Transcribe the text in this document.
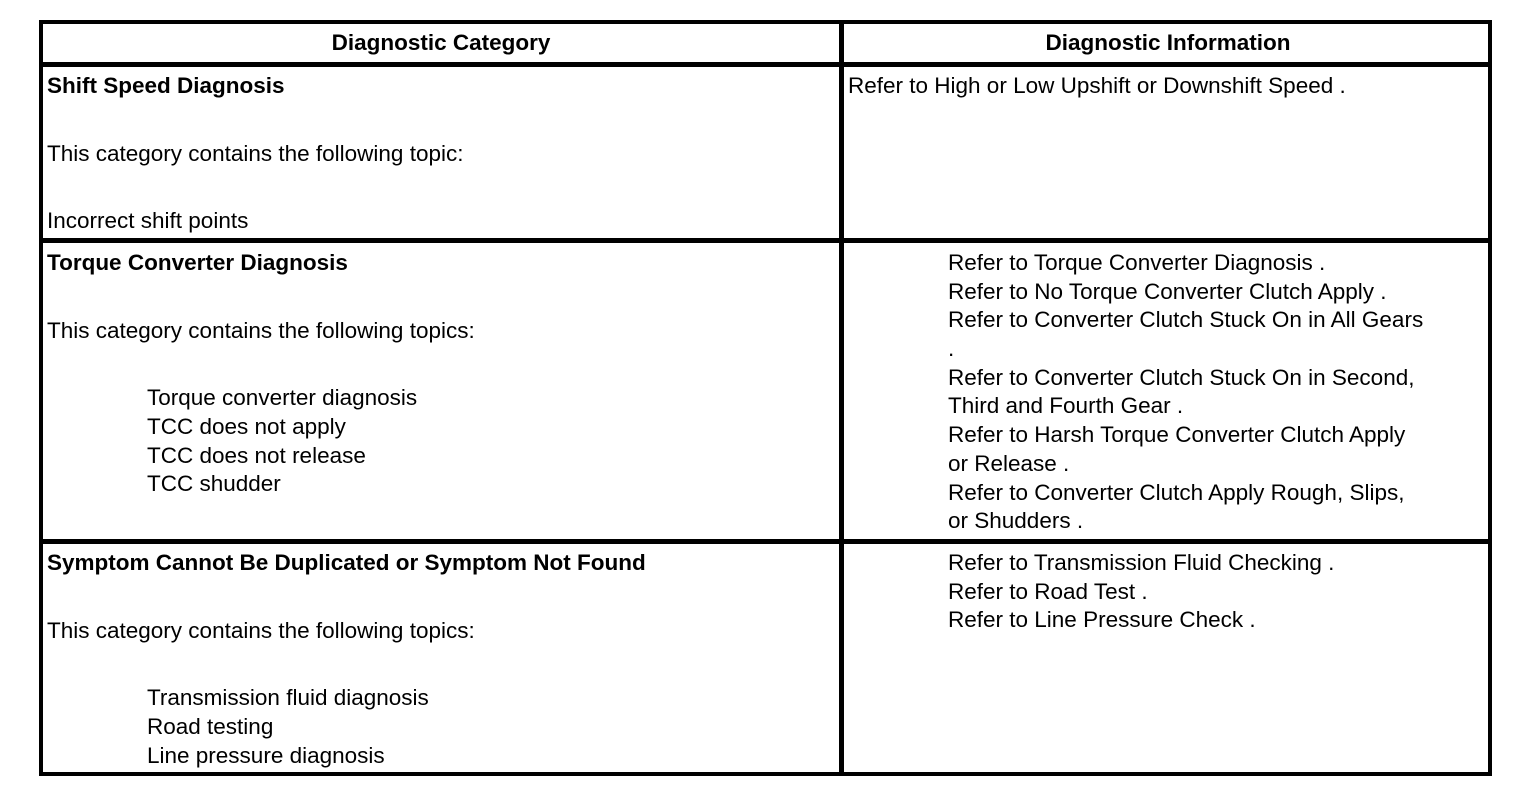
Diagnostic Category	Diagnostic Information
Shift Speed Diagnosis
This category contains the following topic:
Incorrect shift points
Refer to High or Low Upshift or Downshift Speed .
Torque Converter Diagnosis
This category contains the following topics:
Torque converter diagnosis
TCC does not apply
TCC does not release
TCC shudder
Refer to Torque Converter Diagnosis .
Refer to No Torque Converter Clutch Apply .
Refer to Converter Clutch Stuck On in All Gears
.
Refer to Converter Clutch Stuck On in Second,
Third and Fourth Gear .
Refer to Harsh Torque Converter Clutch Apply
or Release .
Refer to Converter Clutch Apply Rough, Slips,
or Shudders .
Symptom Cannot Be Duplicated or Symptom Not Found
This category contains the following topics:
Transmission fluid diagnosis
Road testing
Line pressure diagnosis
Refer to Transmission Fluid Checking .
Refer to Road Test .
Refer to Line Pressure Check .
